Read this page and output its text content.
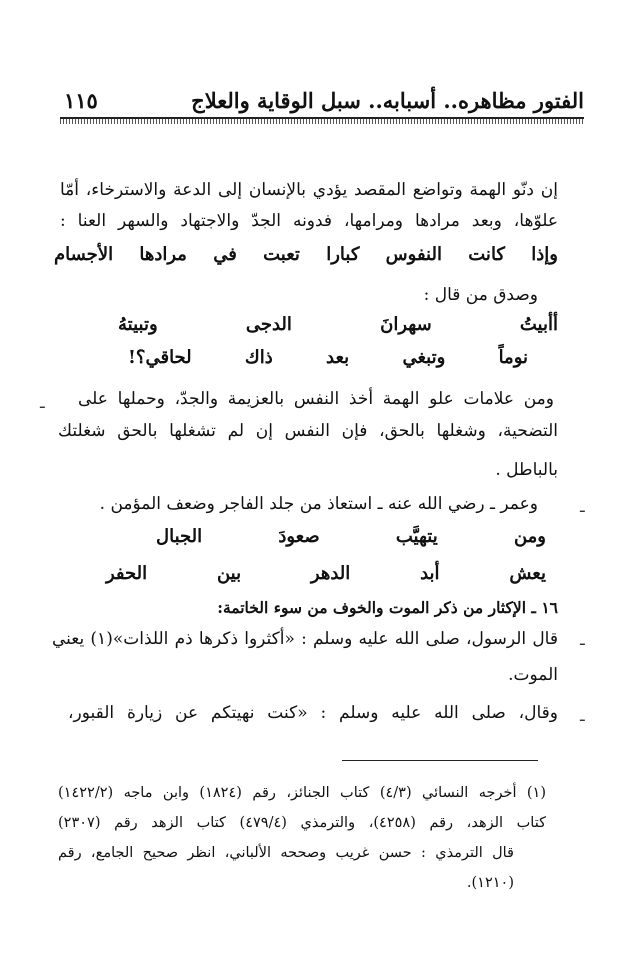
الفتور مظاهره.. أسبابه.. سبل الوقاية والعلاج
١١٥
إن دنّو الهمة وتواضع المقصد يؤدي بالإنسان إلى الدعة والاسترخاء، أمّا
علوّها، وبعد مرادها ومرامها، فدونه الجدّ والاجتهاد والسهر العنا :
وإذا كانت النفوس كبارا تعبت في مرادها الأجسام
وصدق من قال :
أأبيتُ سهرانَ الدجى وتبيتهُ
نوماً وتبغي بعد ذاك لحاقي؟!
ومن علامات علو الهمة أخذ النفس بالعزيمة والجدّ، وحملها على
التضحية، وشغلها بالحق، فإن النفس إن لم تشغلها بالحق شغلتك
بالباطل .
وعمر ـ رضي الله عنه ـ استعاذ من جلد الفاجر وضعف المؤمن .
ومن يتهيَّب صعودَ الجبال
يعش أبد الدهر بين الحفر
١٦ ـ الإكثار من ذكر الموت والخوف من سوء الخاتمة:
قال الرسول، صلى الله عليه وسلم : «أكثروا ذكرها ذم اللذات»(١) يعني
الموت.
وقال، صلى الله عليه وسلم : «كنت نهيتكم عن زيارة القبور،
ـ
ـ
ـ
ـ
(١) أخرجه النسائي (٤/٣) كتاب الجنائز، رقم (١٨٢٤) وابن ماجه (١٤٢٢/٢)
كتاب الزهد، رقم (٤٢٥٨)، والترمذي (٤٧٩/٤) كتاب الزهد رقم (٢٣٠٧)
قال الترمذي : حسن غريب وصححه الألباني، انظر صحيح الجامع، رقم
(١٢١٠).
